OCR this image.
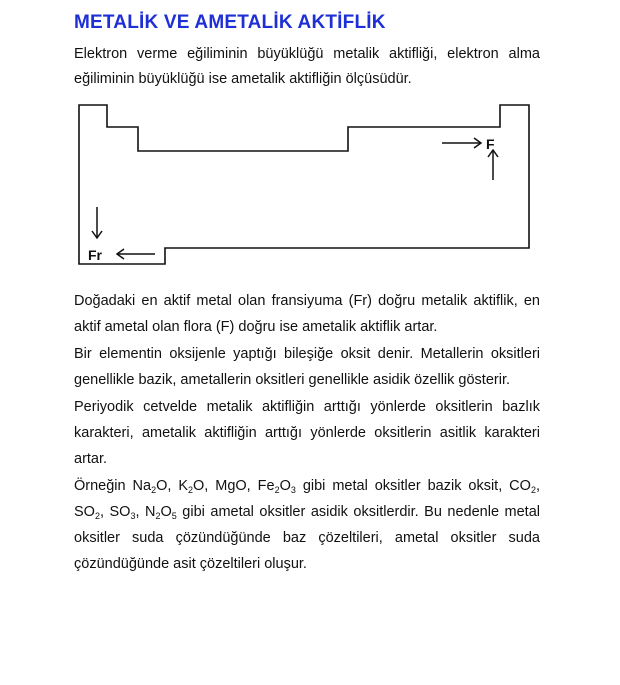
METALİK VE AMETALİK AKTİFLİK

Elektron verme eğiliminin büyüklüğü metalik aktifliği, elektron alma eğiliminin büyüklüğü ise ametalik aktifliğin ölçüsüdür.

F
Fr

Doğadaki en aktif metal olan fransiyuma (Fr) doğru metalik aktiflik, en aktif ametal olan flora (F) doğru ise ametalik aktiflik artar.

Bir elementin oksijenle yaptığı bileşiğe oksit denir. Metallerin oksitleri genellikle bazik, ametallerin oksitleri genellikle asidik özellik gösterir.

Periyodik cetvelde metalik aktifliğin arttığı yönlerde oksitlerin bazlık karakteri, ametalik aktifliğin arttığı yönlerde oksitlerin asitlik karakteri artar.

Örneğin $Na_2O$, $K_2O$, MgO, $Fe_2O_3$ gibi metal oksitler bazik oksit, $CO_2$, $SO_2$, $SO_3$, $N_2O_5$ gibi ametal oksitler asidik oksitlerdir. Bu nedenle metal oksitler suda çözündüğünde baz çözeltileri, ametal oksitler suda çözündüğünde asit çözeltileri oluşur.
